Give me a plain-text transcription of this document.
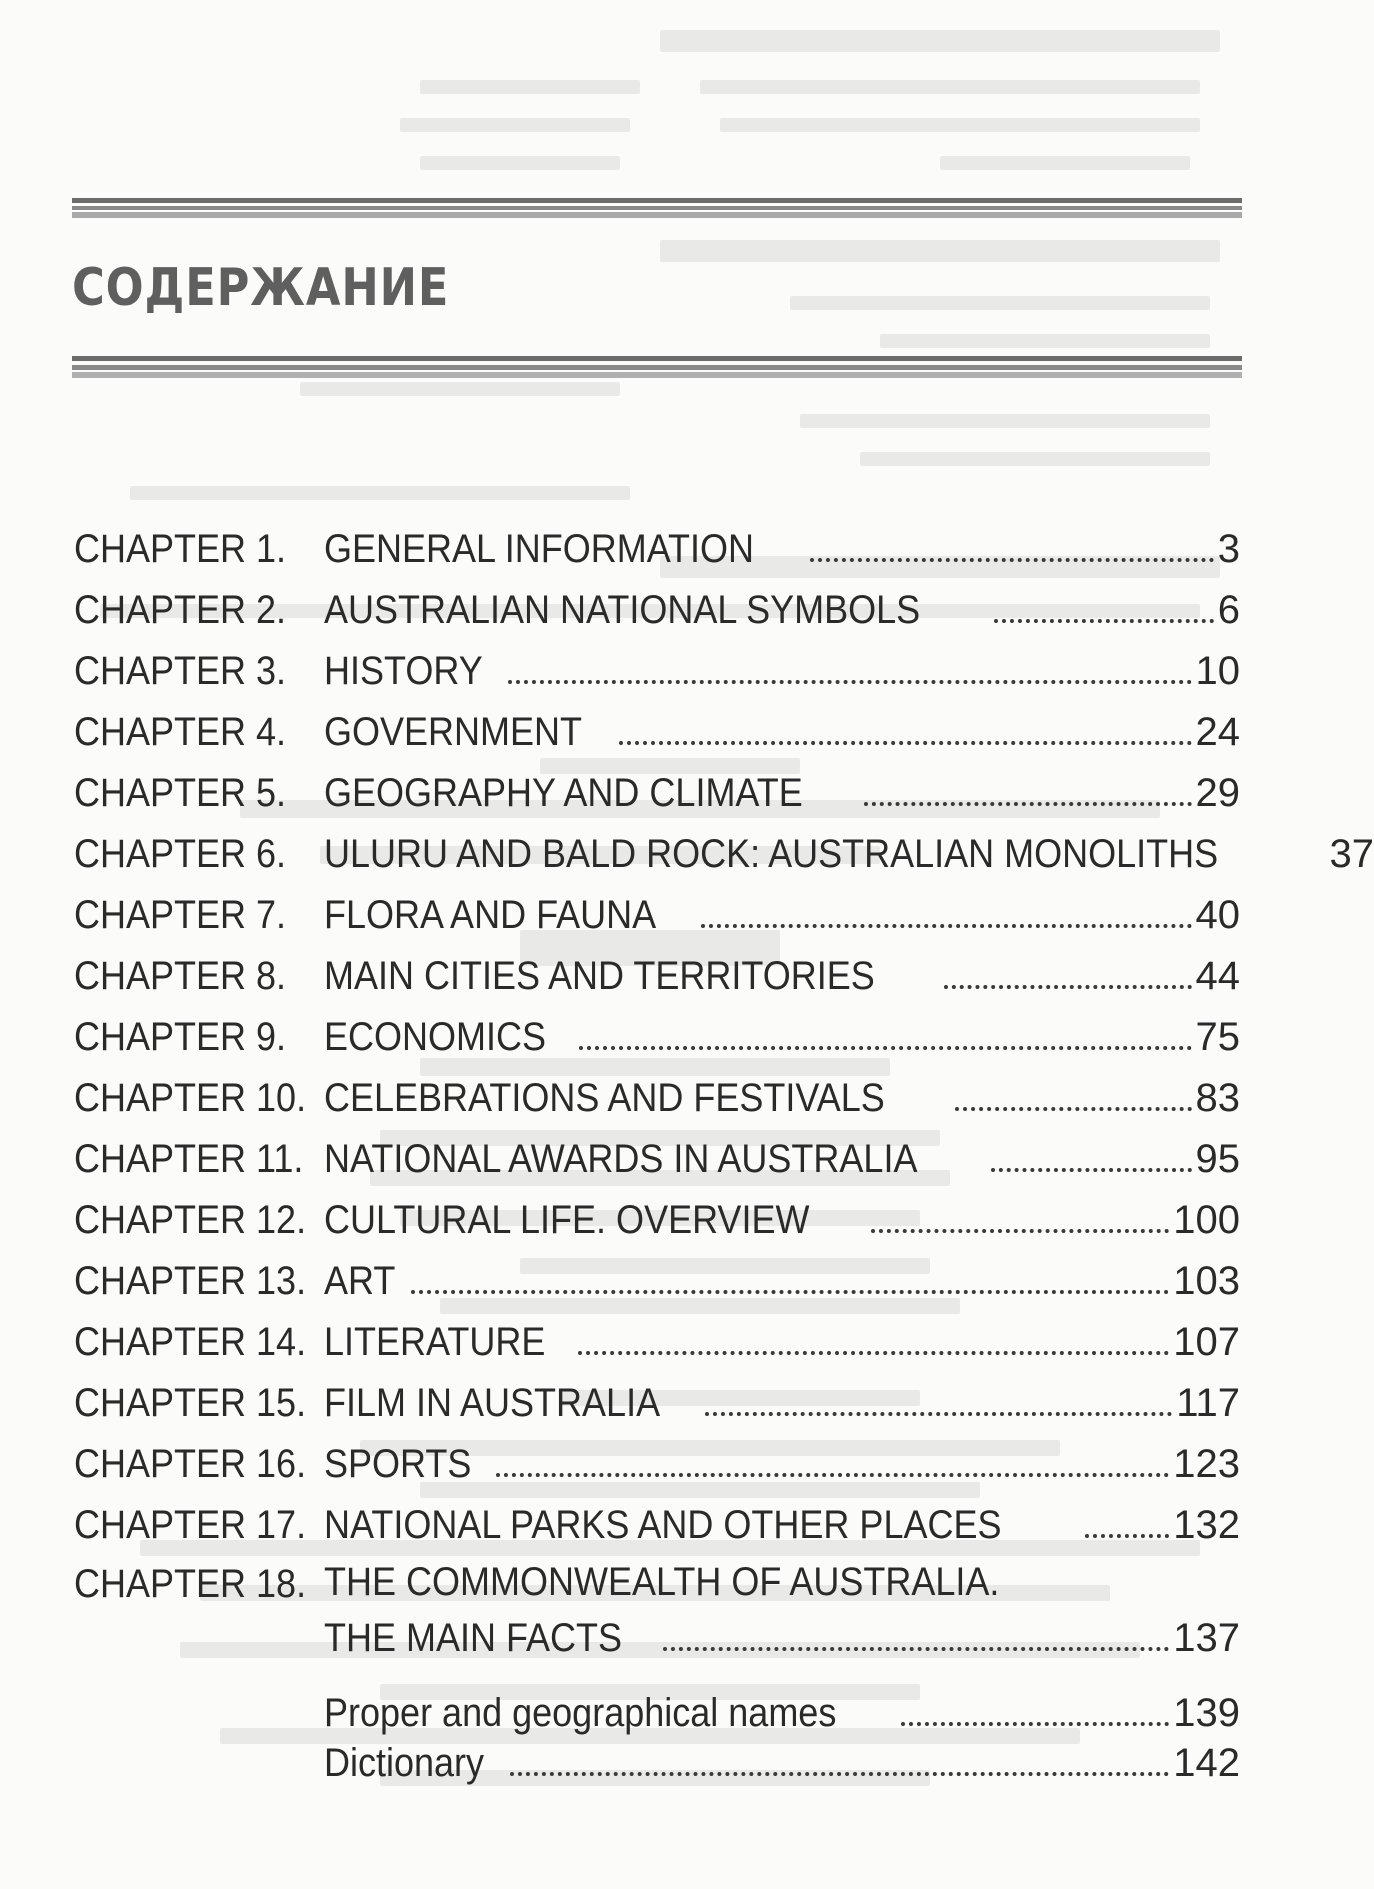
СОДЕРЖАНИЕ
CHAPTER 1. GENERAL INFORMATION	3
CHAPTER 2. AUSTRALIAN NATIONAL SYMBOLS	6
CHAPTER 3. HISTORY	10
CHAPTER 4. GOVERNMENT	24
CHAPTER 5. GEOGRAPHY AND CLIMATE	29
CHAPTER 6. ULURU AND BALD ROCK: AUSTRALIAN MONOLITHS	37
CHAPTER 7. FLORA AND FAUNA	40
CHAPTER 8. MAIN CITIES AND TERRITORIES	44
CHAPTER 9. ECONOMICS	75
CHAPTER 10. CELEBRATIONS AND FESTIVALS	83
CHAPTER 11. NATIONAL AWARDS IN AUSTRALIA	95
CHAPTER 12. CULTURAL LIFE. OVERVIEW	100
CHAPTER 13. ART	103
CHAPTER 14. LITERATURE	107
CHAPTER 15. FILM IN AUSTRALIA	117
CHAPTER 16. SPORTS	123
CHAPTER 17. NATIONAL PARKS AND OTHER PLACES	132
CHAPTER 18. THE COMMONWEALTH OF AUSTRALIA.
THE MAIN FACTS	137
Proper and geographical names	139
Dictionary	142
